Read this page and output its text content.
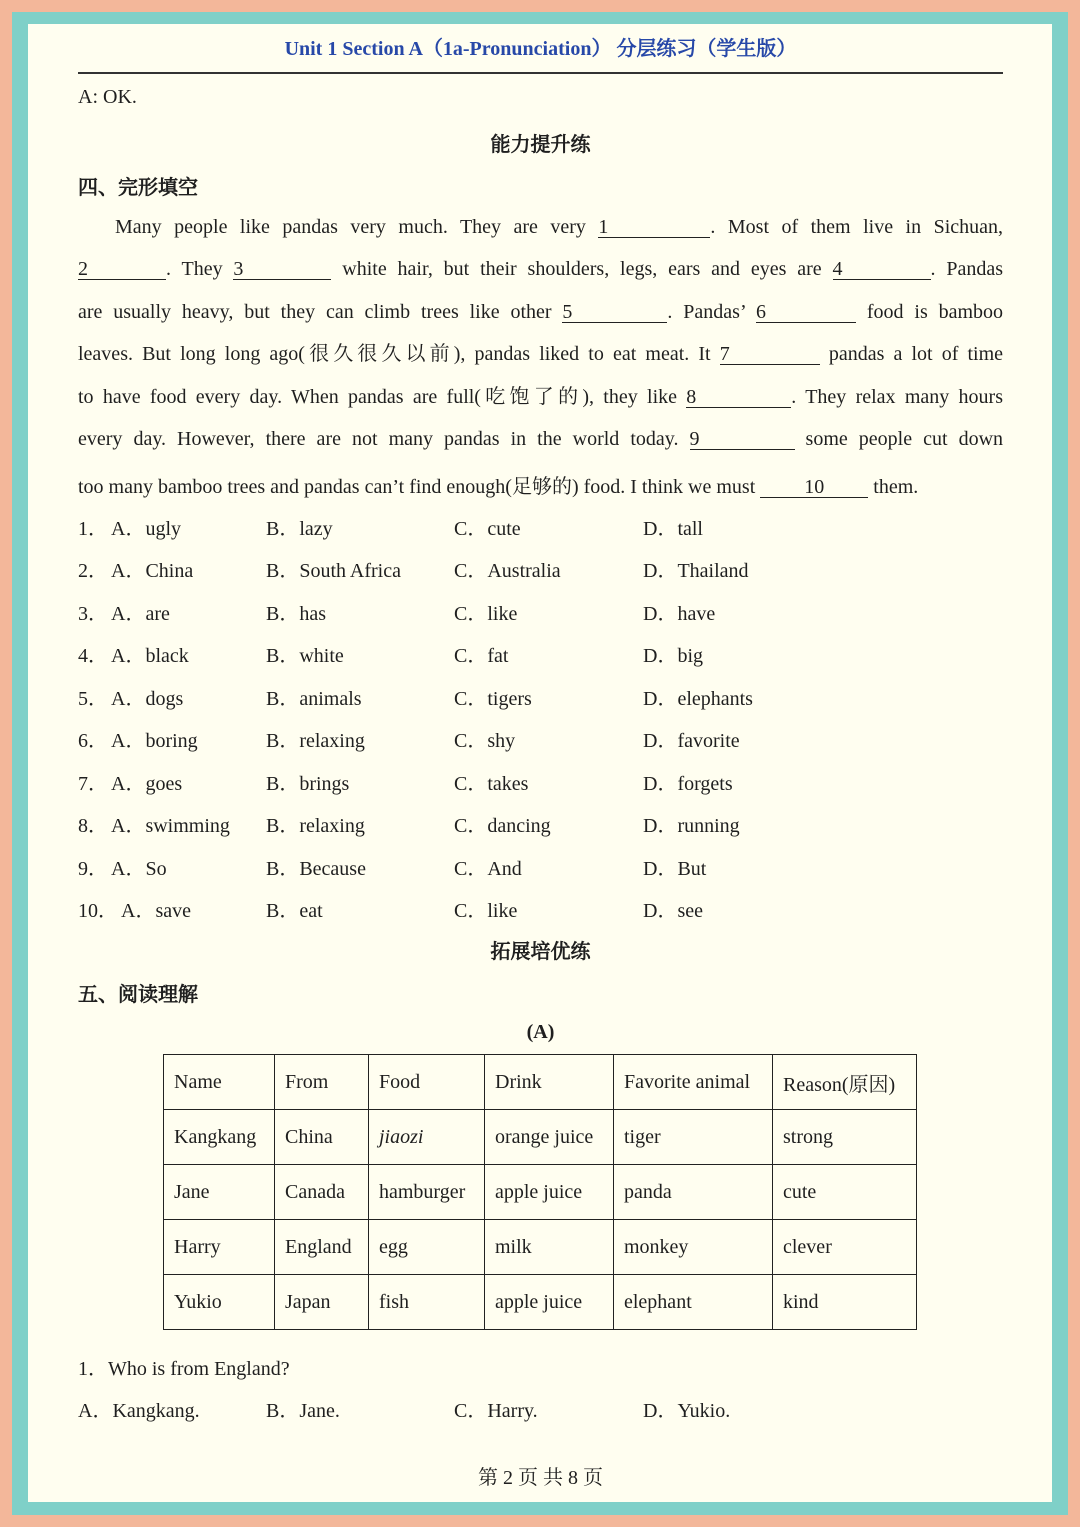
Unit 1 Section A（1a-Pronunciation） 分层练习（学生版）
A: OK.
能力提升练
四、完形填空
Many people like pandas very much. They are very 1	. Most of them live in Sichuan,
2	. They 3	white hair, but their shoulders, legs, ears and eyes are 4	. Pandas
are usually heavy, but they can climb trees like other 5	. Pandas’ 6	food is bamboo
leaves. But long long ago(很久很久以前), pandas liked to eat meat. It 7	pandas a lot of time
to have food every day. When pandas are full(吃饱了的), they like 8	. They relax many hours
every day. However, there are not many pandas in the world today. 9	some people cut down
too many bamboo trees and pandas can’t find enough(足够的) food. I think we must 10 them.
1． A．ugly	B．lazy	C．cute	D．tall
2． A．China	B．South Africa	C．Australia	D．Thailand
3． A．are	B．has	C．like	D．have
4． A．black	B．white	C．fat	D．big
5． A．dogs	B．animals	C．tigers	D．elephants
6． A．boring	B．relaxing	C．shy	D．favorite
7． A．goes	B．brings	C．takes	D．forgets
8． A．swimming B．relaxing	C．dancing	D．running
9． A．So	B．Because	C．And	D．But
10． A．save	B．eat	C．like	D．see
拓展培优练
五、阅读理解
(A)
Name	From	Food	Drink	Favorite animal	Reason(原因)
Kangkang	China	jiaozi	orange juice	tiger	strong
Jane	Canada	hamburger	apple juice	panda	cute
Harry	England	egg	milk	monkey	clever
Yukio	Japan	fish	apple juice	elephant	kind
1．Who is from England?
A．Kangkang.	B．Jane.	C．Harry.	D．Yukio.
第 2 页 共 8 页
